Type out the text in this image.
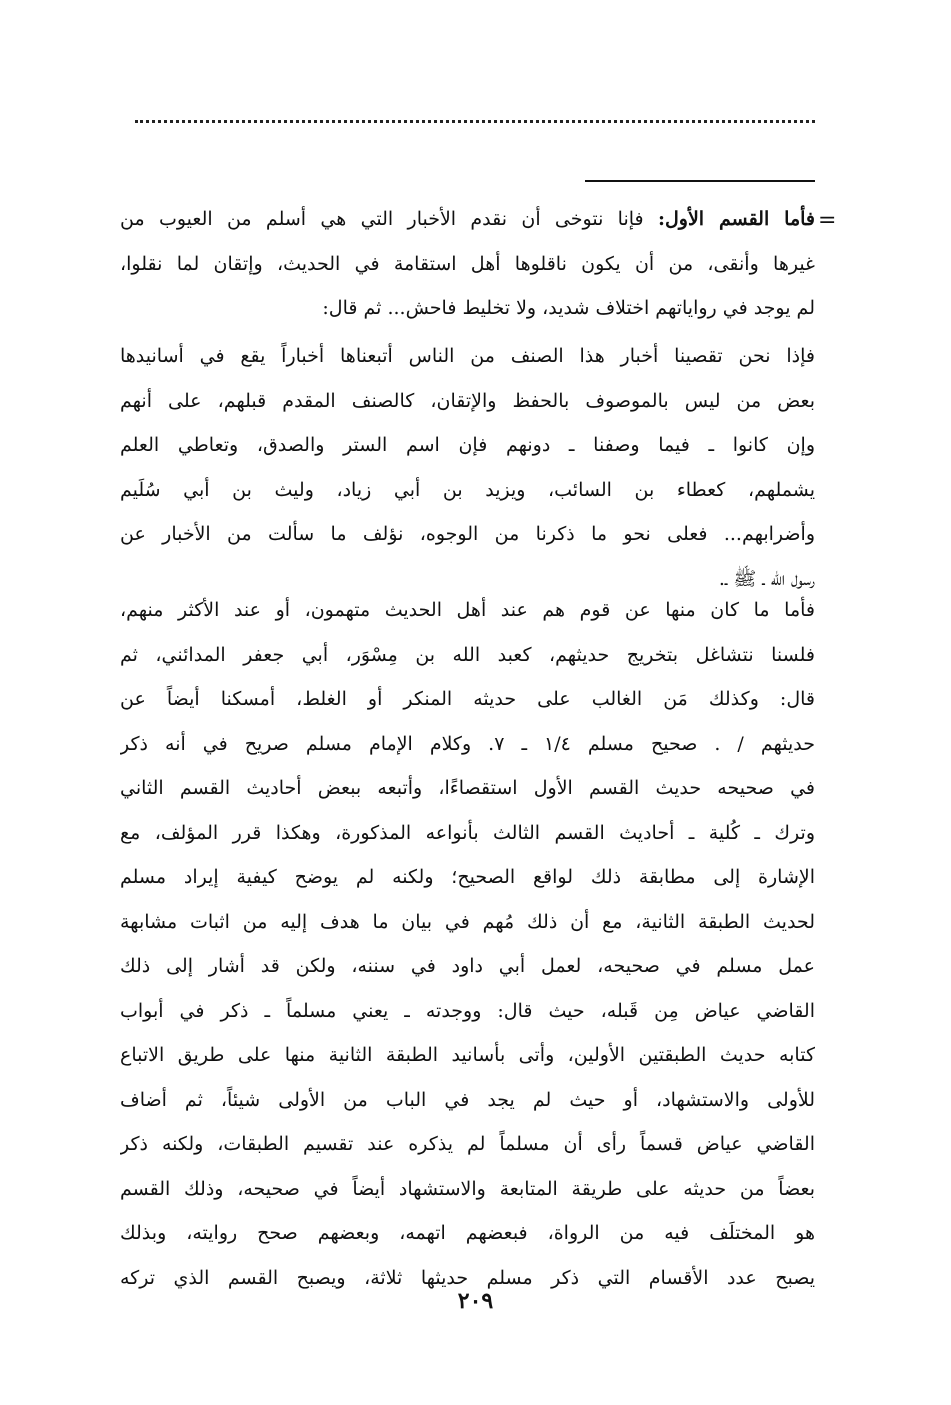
=
فأما القسم الأول: فإنا نتوخى أن نقدم الأخبار التي هي أسلم من العيوب من
غيرها وأنقى، من أن يكون ناقلوها أهل استقامة في الحديث، وإتقان لما نقلوا،
لم يوجد في رواياتهم اختلاف شديد، ولا تخليط فاحش... ثم قال:
فإذا نحن تقصينا أخبار هذا الصنف من الناس أتبعناها أخباراً يقع في أسانيدها
بعض من ليس بالموصوف بالحفظ والإتقان، كالصنف المقدم قبلهم، على أنهم
وإن كانوا ـ فيما وصفنا ـ دونهم فإن اسم الستر والصدق، وتعاطي العلم
يشملهم، كعطاء بن السائب، ويزيد بن أبي زياد، وليث بن أبي سُلَيم
وأضرابهم... فعلى نحو ما ذكرنا من الوجوه، نؤلف ما سألت من الأخبار عن
رسول الله ـ ﷺ ـ.
فأما ما كان منها عن قوم هم عند أهل الحديث متهمون، أو عند الأكثر منهم،
فلسنا نتشاغل بتخريج حديثهم، كعبد الله بن مِسْوَر، أبي جعفر المدائني، ثم
قال: وكذلك مَن الغالب على حديثه المنكر أو الغلط، أمسكنا أيضاً عن
حديثهم / . صحيح مسلم ١/٤ ـ ٧. وكلام الإمام مسلم صريح في أنه ذكر
في صحيحه حديث القسم الأول استقصاءًا، وأتبعه ببعض أحاديث القسم الثاني
وترك ـ كُلية ـ أحاديث القسم الثالث بأنواعه المذكورة، وهكذا قرر المؤلف، مع
الإشارة إلى مطابقة ذلك لواقع الصحيح؛ ولكنه لم يوضح كيفية إيراد مسلم
لحديث الطبقة الثانية، مع أن ذلك مُهم في بيان ما هدف إليه من اثبات مشابهة
عمل مسلم في صحيحه، لعمل أبي داود في سننه، ولكن قد أشار إلى ذلك
القاضي عياض مِن قَبله، حيث قال: ووجدته ـ يعني مسلماً ـ ذكر في أبواب
كتابه حديث الطبقتين الأولين، وأتى بأسانيد الطبقة الثانية منها على طريق الاتباع
للأولى والاستشهاد، أو حيث لم يجد في الباب من الأولى شيئاً، ثم أضاف
القاضي عياض قسماً رأى أن مسلماً لم يذكره عند تقسيم الطبقات، ولكنه ذكر
بعضاً من حديثه على طريقة المتابعة والاستشهاد أيضاً في صحيحه، وذلك القسم
هو المختلَف فيه من الرواة، فبعضهم اتهمه، وبعضهم صحح روايته، وبذلك
يصبح عدد الأقسام التي ذكر مسلم حديثها ثلاثة، ويصبح القسم الذي تركه
٢٠٩
